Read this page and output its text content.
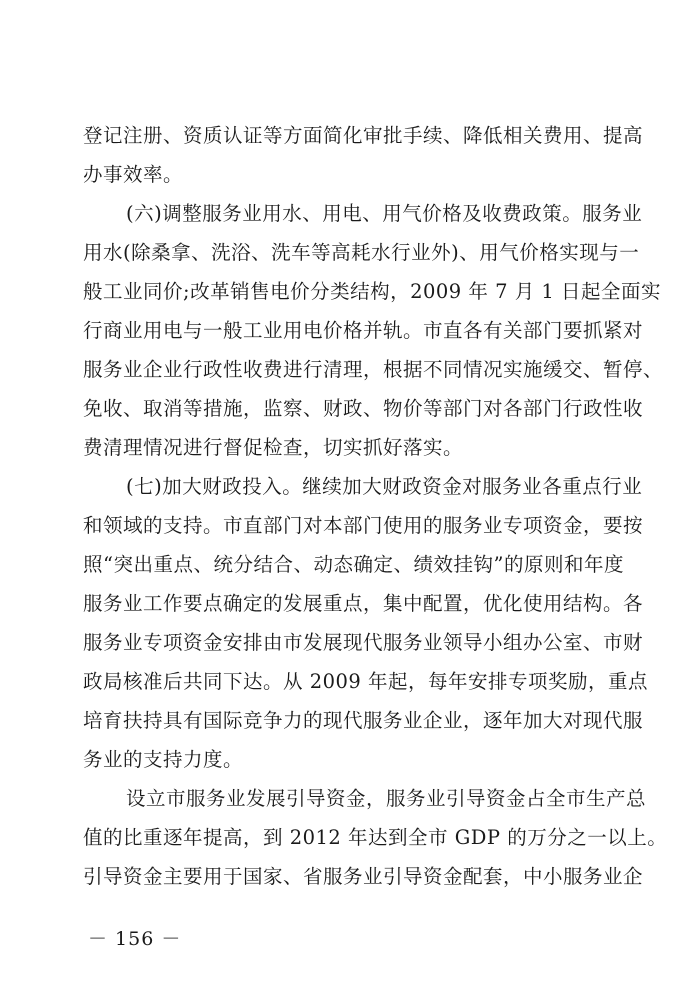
登记注册、资质认证等方面简化审批手续、降低相关费用、提高
办事效率。
(六)调整服务业用水、用电、用气价格及收费政策。服务业
用水(除桑拿、洗浴、洗车等高耗水行业外)、用气价格实现与一
般工业同价;改革销售电价分类结构，2009 年 7 月 1 日起全面实
行商业用电与一般工业用电价格并轨。市直各有关部门要抓紧对
服务业企业行政性收费进行清理，根据不同情况实施缓交、暂停、
免收、取消等措施，监察、财政、物价等部门对各部门行政性收
费清理情况进行督促检查，切实抓好落实。
(七)加大财政投入。继续加大财政资金对服务业各重点行业
和领域的支持。市直部门对本部门使用的服务业专项资金，要按
照“突出重点、统分结合、动态确定、绩效挂钩”的原则和年度
服务业工作要点确定的发展重点，集中配置，优化使用结构。各
服务业专项资金安排由市发展现代服务业领导小组办公室、市财
政局核准后共同下达。从 2009 年起，每年安排专项奖励，重点
培育扶持具有国际竞争力的现代服务业企业，逐年加大对现代服
务业的支持力度。
设立市服务业发展引导资金，服务业引导资金占全市生产总
值的比重逐年提高，到 2012 年达到全市 GDP 的万分之一以上。
引导资金主要用于国家、省服务业引导资金配套，中小服务业企
－ 156 －
